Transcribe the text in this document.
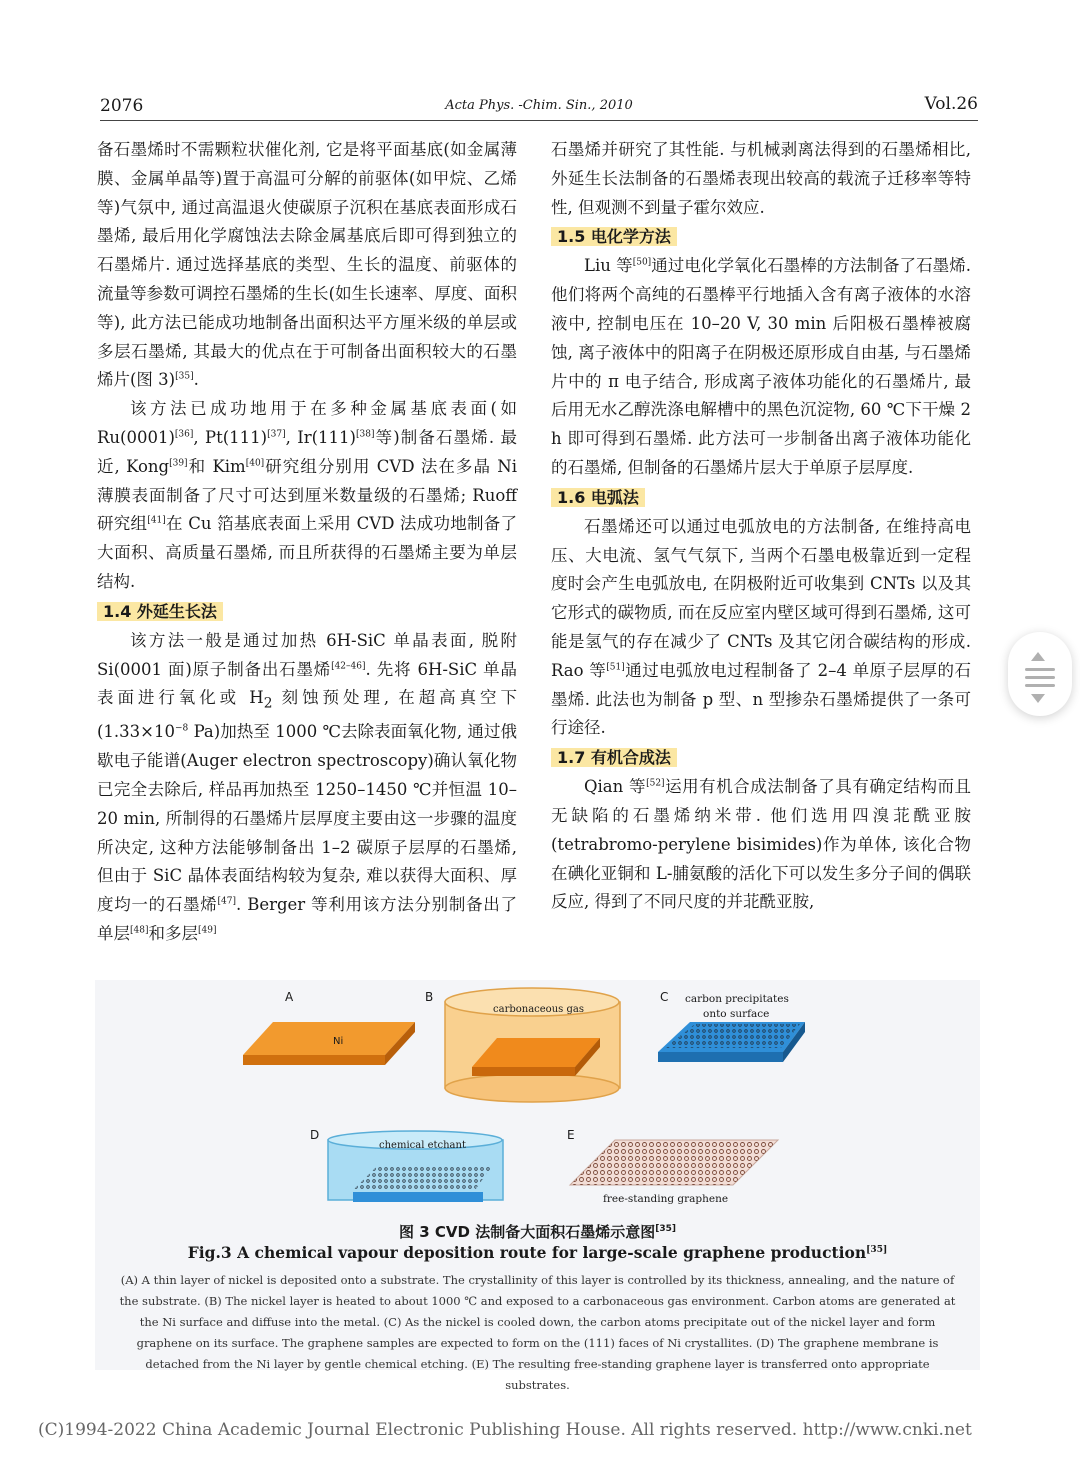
2076	Acta Phys. -Chim. Sin., 2010	Vol.26

备石墨烯时不需颗粒状催化剂, 它是将平面基底(如金属薄膜、金属单晶等)置于高温可分解的前驱体(如甲烷、乙烯等)气氛中, 通过高温退火使碳原子沉积在基底表面形成石墨烯, 最后用化学腐蚀法去除金属基底后即可得到独立的石墨烯片. 通过选择基底的类型、生长的温度、前驱体的流量等参数可调控石墨烯的生长(如生长速率、厚度、面积等), 此方法已能成功地制备出面积达平方厘米级的单层或多层石墨烯, 其最大的优点在于可制备出面积较大的石墨烯片(图 3)[35].

该方法已成功地用于在多种金属基底表面(如 Ru(0001)[36], Pt(111)[37], Ir(111)[38]等)制备石墨烯. 最近, Kong[39]和 Kim[40]研究组分别用 CVD 法在多晶 Ni 薄膜表面制备了尺寸可达到厘米数量级的石墨烯; Ruoff 研究组[41]在 Cu 箔基底表面上采用 CVD 法成功地制备了大面积、高质量石墨烯, 而且所获得的石墨烯主要为单层结构.

1.4 外延生长法

该方法一般是通过加热 6H-SiC 单晶表面, 脱附 Si(0001 面)原子制备出石墨烯[42–46]. 先将 6H-SiC 单晶表面进行氧化或 $H_2$ 刻蚀预处理, 在超高真空下($1.33\times 10^{-8}$ Pa)加热至 1000 ℃去除表面氧化物, 通过俄歇电子能谱(Auger electron spectroscopy)确认氧化物已完全去除后, 样品再加热至 1250–1450 ℃并恒温 10–20 min, 所制得的石墨烯片层厚度主要由这一步骤的温度所决定, 这种方法能够制备出 1–2 碳原子层厚的石墨烯, 但由于 SiC 晶体表面结构较为复杂, 难以获得大面积、厚度均一的石墨烯[47]. Berger 等利用该方法分别制备出了单层[48]和多层[49]

石墨烯并研究了其性能. 与机械剥离法得到的石墨烯相比, 外延生长法制备的石墨烯表现出较高的载流子迁移率等特性, 但观测不到量子霍尔效应.

1.5 电化学方法

Liu 等[50]通过电化学氧化石墨棒的方法制备了石墨烯. 他们将两个高纯的石墨棒平行地插入含有离子液体的水溶液中, 控制电压在 10–20 V, 30 min 后阳极石墨棒被腐蚀, 离子液体中的阳离子在阴极还原形成自由基, 与石墨烯片中的 π 电子结合, 形成离子液体功能化的石墨烯片, 最后用无水乙醇洗涤电解槽中的黑色沉淀物, 60 ℃下干燥 2 h 即可得到石墨烯. 此方法可一步制备出离子液体功能化的石墨烯, 但制备的石墨烯片层大于单原子层厚度.

1.6 电弧法

石墨烯还可以通过电弧放电的方法制备, 在维持高电压、大电流、氢气气氛下, 当两个石墨电极靠近到一定程度时会产生电弧放电, 在阴极附近可收集到 CNTs 以及其它形式的碳物质, 而在反应室内壁区域可得到石墨烯, 这可能是氢气的存在减少了 CNTs 及其它闭合碳结构的形成. Rao 等[51]通过电弧放电过程制备了 2–4 单原子层厚的石墨烯. 此法也为制备 p 型、n 型掺杂石墨烯提供了一条可行途径.

1.7 有机合成法

Qian 等[52]运用有机合成法制备了具有确定结构而且无缺陷的石墨烯纳米带. 他们选用四溴苝酰亚胺(tetrabromo-perylene bisimides)作为单体, 该化合物在碘化亚铜和 L-脯氨酸的活化下可以发生多分子间的偶联反应, 得到了不同尺度的并苝酰亚胺,

A	B	C
D	E
Ni
carbonaceous gas
carbon precipitates
onto surface
chemical etchant
free-standing graphene
图 3 CVD 法制备大面积石墨烯示意图[35]
Fig.3 A chemical vapour deposition route for large-scale graphene production[35]
(A) A thin layer of nickel is deposited onto a substrate. The crystallinity of this layer is controlled by its thickness, annealing, and the nature of the substrate. (B) The nickel layer is heated to about 1000 ℃ and exposed to a carbonaceous gas environment. Carbon atoms are generated at the Ni surface and diffuse into the metal. (C) As the nickel is cooled down, the carbon atoms precipitate out of the nickel layer and form graphene on its surface. The graphene samples are expected to form on the (111) faces of Ni crystallites. (D) The graphene membrane is detached from the Ni layer by gentle chemical etching. (E) The resulting free-standing graphene layer is transferred onto appropriate substrates.
(C)1994-2022 China Academic Journal Electronic Publishing House. All rights reserved. http://www.cnki.net
